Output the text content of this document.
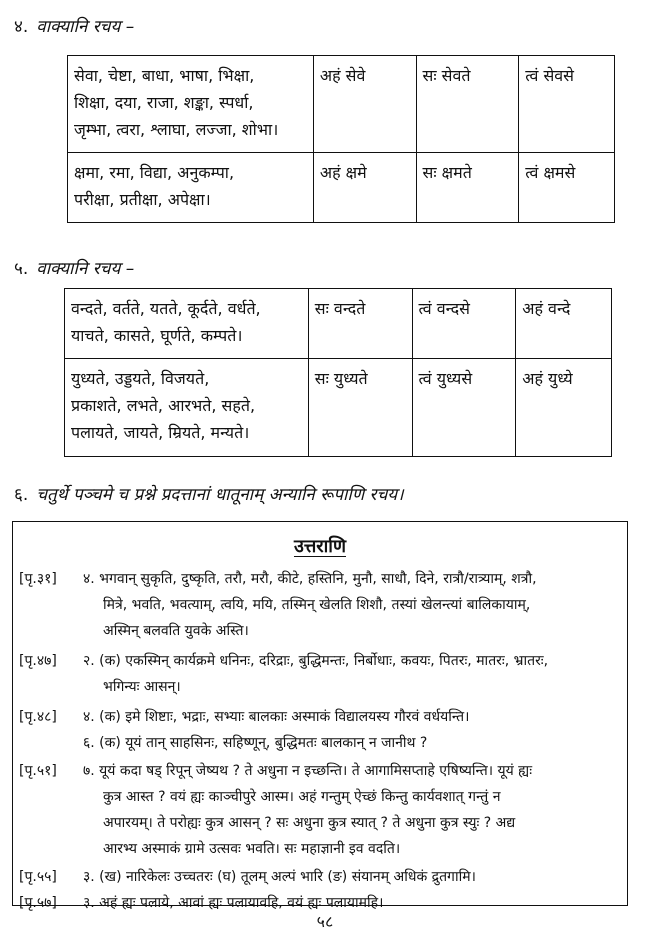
४. वाक्यानि रचय –
सेवा, चेष्टा, बाधा, भाषा, भिक्षा,
शिक्षा, दया, राजा, शङ्का, स्पर्धा,
जृम्भा, त्वरा, श्लाघा, लज्जा, शोभा।	अहं सेवे	सः सेवते	त्वं सेवसे

क्षमा, रमा, विद्या, अनुकम्पा,
परीक्षा, प्रतीक्षा, अपेक्षा।	अहं क्षमे	सः क्षमते	त्वं क्षमसे
५. वाक्यानि रचय –
वन्दते, वर्तते, यतते, कूर्दते, वर्धते,
याचते, कासते, घूर्णते, कम्पते।	सः वन्दते	त्वं वन्दसे	अहं वन्दे

युध्यते, उड्डयते, विजयते,
प्रकाशते, लभते, आरभते, सहते,
पलायते, जायते, म्रियते, मन्यते।	सः युध्यते	त्वं युध्यसे	अहं युध्ये
६. चतुर्थे पञ्चमे च प्रश्ने प्रदत्तानां धातूनाम् अन्यानि रूपाणि रचय।
उत्तराणि
[पृ.३१]	४. भगवान् सुकृति, दुष्कृति, तरौ, मरौ, कीटे, हस्तिनि, मुनौ, साधौ, दिने, रात्रौ/रात्र्याम्, शत्रौ,
मित्रे, भवति, भवत्याम्, त्वयि, मयि, तस्मिन् खेलति शिशौ, तस्यां खेलन्त्यां बालिकायाम्,
अस्मिन् बलवति युवके अस्ति।
[पृ.४७]	२. (क) एकस्मिन् कार्यक्रमे धनिनः, दरिद्राः, बुद्धिमन्तः, निर्बोधाः, कवयः, पितरः, मातरः, भ्रातरः,
भगिन्यः आसन्।
[पृ.४८]	४. (क) इमे शिष्टाः, भद्राः, सभ्याः बालकाः अस्माकं विद्यालयस्य गौरवं वर्धयन्ति।
६. (क) यूयं तान् साहसिनः, सहिष्णून्, बुद्धिमतः बालकान् न जानीथ ?
[पृ.५१]	७. यूयं कदा षड् रिपून् जेष्यथ ? ते अधुना न इच्छन्ति। ते आगामिसप्ताहे एषिष्यन्ति। यूयं ह्यः
कुत्र आस्त ? वयं ह्यः काञ्चीपुरे आस्म। अहं गन्तुम् ऐच्छं किन्तु कार्यवशात् गन्तुं न
अपारयम्। ते परोह्यः कुत्र आसन् ? सः अधुना कुत्र स्यात् ? ते अधुना कुत्र स्युः ? अद्य
आरभ्य अस्माकं ग्रामे उत्सवः भवति। सः महाज्ञानी इव वदति।
[पृ.५५]	३. (ख) नारिकेलः उच्चतरः (घ) तूलम् अल्पं भारि (ङ) संयानम् अधिकं द्रुतगामि।
[पृ.५७]	३. अहं ह्यः पलाये, आवां ह्यः पलायावहि, वयं ह्यः पलायामहि।
५८
